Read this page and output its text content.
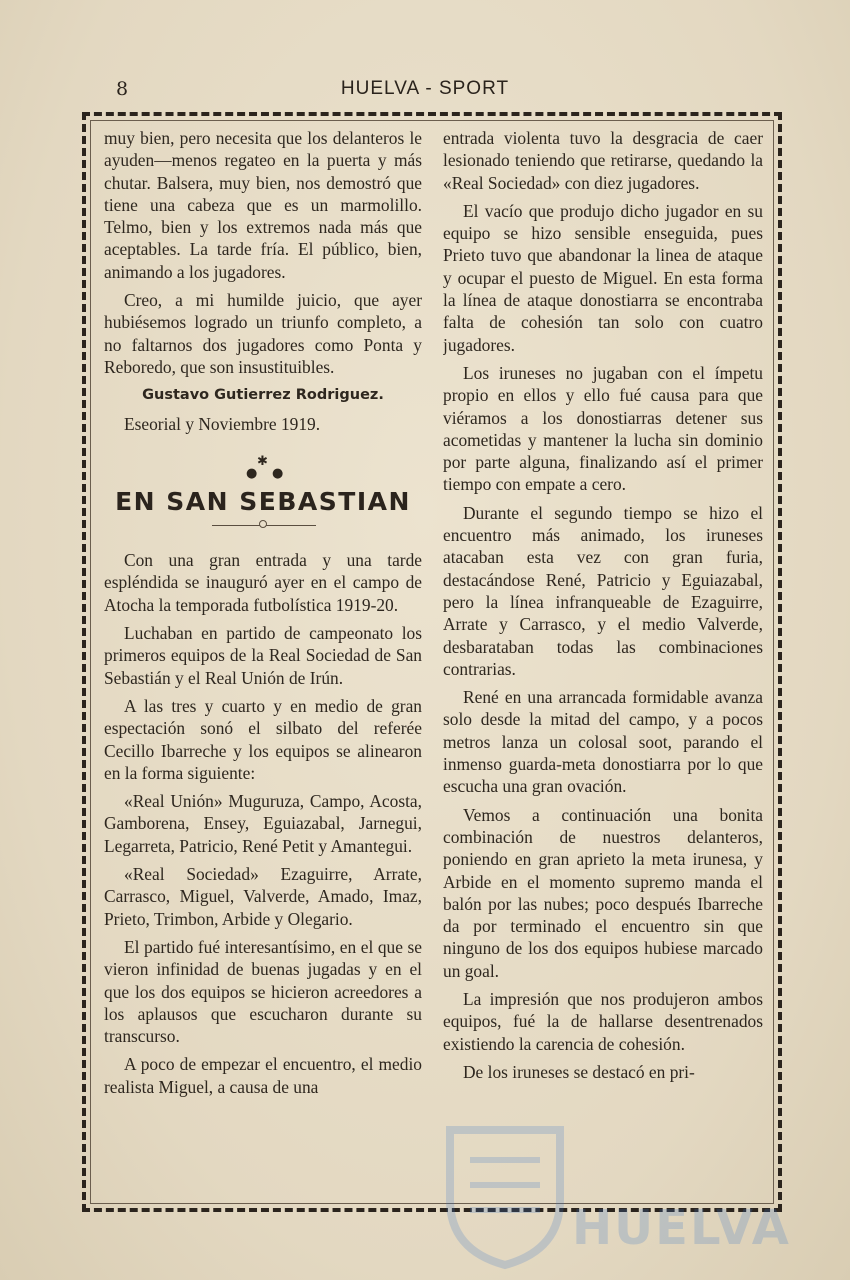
8	HUELVA - SPORT

muy bien, pero necesita que los delanteros le ayuden—menos regateo en la puerta y más chutar. Balsera, muy bien, nos demostró que tiene una cabeza que es un marmolillo. Telmo, bien y los extremos nada más que aceptables. La tarde fría. El público, bien, animando a los jugadores.

Creo, a mi humilde juicio, que ayer hubiésemos logrado un triunfo completo, a no faltarnos dos jugadores como Ponta y Reboredo, que son insustituibles.

Gustavo Gutierrez Rodriguez.

Eseorial y Noviembre 1919.

✱
● ●
EN SAN SEBASTIAN

Con una gran entrada y una tarde espléndida se inauguró ayer en el campo de Atocha la temporada futbolística 1919-20.

Luchaban en partido de campeonato los primeros equipos de la Real Sociedad de San Sebastián y el Real Unión de Irún.

A las tres y cuarto y en medio de gran espectación sonó el silbato del referée Cecillo Ibarreche y los equipos se alinearon en la forma siguiente:

«Real Unión» Muguruza, Campo, Acosta, Gamborena, Ensey, Eguiazabal, Jarnegui, Legarreta, Patricio, René Petit y Amantegui.

«Real Sociedad» Ezaguirre, Arrate, Carrasco, Miguel, Valverde, Amado, Imaz, Prieto, Trimbon, Arbide y Olegario.

El partido fué interesantísimo, en el que se vieron infinidad de buenas jugadas y en el que los dos equipos se hicieron acreedores a los aplausos que escucharon durante su transcurso.

A poco de empezar el encuentro, el medio realista Miguel, a causa de una

entrada violenta tuvo la desgracia de caer lesionado teniendo que retirarse, quedando la «Real Sociedad» con diez jugadores.

El vacío que produjo dicho jugador en su equipo se hizo sensible enseguida, pues Prieto tuvo que abandonar la linea de ataque y ocupar el puesto de Miguel. En esta forma la línea de ataque donostiarra se encontraba falta de cohesión tan solo con cuatro jugadores.

Los iruneses no jugaban con el ímpetu propio en ellos y ello fué causa para que viéramos a los donostiarras detener sus acometidas y mantener la lucha sin dominio por parte alguna, finalizando así el primer tiempo con empate a cero.

Durante el segundo tiempo se hizo el encuentro más animado, los iruneses atacaban esta vez con gran furia, destacándose René, Patricio y Eguiazabal, pero la línea infranqueable de Ezaguirre, Arrate y Carrasco, y el medio Valverde, desbarataban todas las combinaciones contrarias.

René en una arrancada formidable avanza solo desde la mitad del campo, y a pocos metros lanza un colosal soot, parando el inmenso guarda-meta donostiarra por lo que escucha una gran ovación.

Vemos a continuación una bonita combinación de nuestros delanteros, poniendo en gran aprieto la meta irunesa, y Arbide en el momento supremo manda el balón por las nubes; poco después Ibarreche da por terminado el encuentro sin que ninguno de los dos equipos hubiese marcado un goal.

La impresión que nos produjeron ambos equipos, fué la de hallarse desentrenados existiendo la carencia de cohesión.

De los iruneses se destacó en pri-

HUELVA
